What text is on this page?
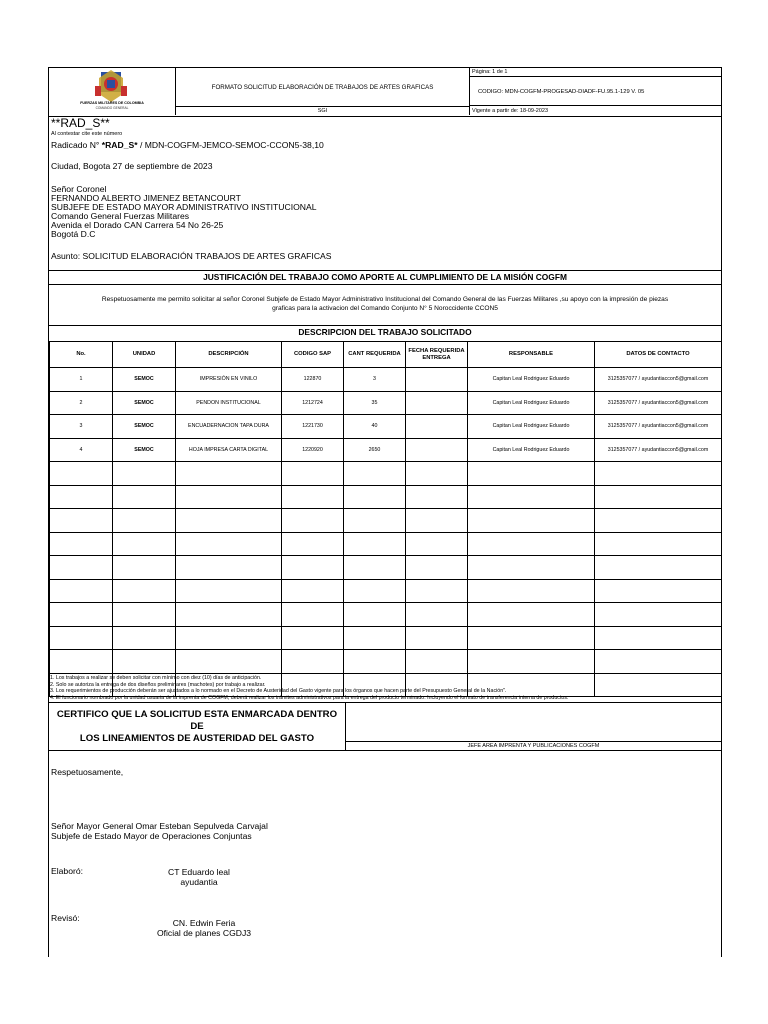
FUERZAS MILITARES DE COLOMBIA
COMANDO GENERAL
FORMATO SOLICITUD ELABORACIÓN DE TRABAJOS DE ARTES GRAFICAS
SGI
Página: 1 de 1
CODIGO: MDN-COGFM-PROGESAD-DIADF-FU.95.1-129 V. 05
Vigente a partir de: 18-09-2023
**RAD_S**
Al contestar cite este número
Radicado N° *RAD_S* / MDN-COGFM-JEMCO-SEMOC-CCON5-38,10
Ciudad, Bogota 27 de septiembre de 2023
Señor Coronel
FERNANDO ALBERTO JIMENEZ BETANCOURT
SUBJEFE DE ESTADO MAYOR ADMINISTRATIVO INSTITUCIONAL
Comando General Fuerzas Militares
Avenida el Dorado CAN Carrera 54 No 26-25
Bogotá D.C
Asunto: SOLICITUD ELABORACIÓN TRABAJOS DE ARTES GRAFICAS
JUSTIFICACIÓN DEL TRABAJO COMO APORTE AL CUMPLIMIENTO DE LA MISIÓN COGFM
Respetuosamente me permito solicitar al señor Coronel Subjefe de Estado Mayor Administrativo Institucional del Comando General de las Fuerzas Militares ,su apoyo con la impresión de piezas
graficas para la activacion del Comando Conjunto N° 5 Noroccidente CCON5
DESCRIPCION DEL TRABAJO SOLICITADO
No.	UNIDAD	DESCRIPCIÓN	CODIGO SAP	CANT REQUERIDA	FECHA REQUERIDA ENTREGA	RESPONSABLE	DATOS DE CONTACTO
1	SEMOC	IMPRESIÓN EN VINILO	122870	3		Capitan Leal Rodriguez Eduardo	3125357077 / ayudantiaccon5@gmail.com
2	SEMOC	PENDON INSTITUCIONAL	1212724	35		Capitan Leal Rodriguez Eduardo	3125357077 / ayudantiaccon5@gmail.com
3	SEMOC	ENCUADERNACION TAPA DURA	1221730	40		Capitan Leal Rodriguez Eduardo	3125357077 / ayudantiaccon5@gmail.com
4	SEMOC	HOJA IMPRESA CARTA DIGITAL	1220920	2650		Capitan Leal Rodriguez Eduardo	3125357077 / ayudantiaccon5@gmail.com

1. Los trabajos a realizar se deben solicitar con mínimo con diez (10) días de anticipación.
2. Solo se autoriza la entrega de dos diseños preliminares (machotes) por trabajo a realizar.
3. Los requerimientos de producción deberán ser ajustados a lo normado en el Decreto de Austeridad del Gasto vigente para los órganos que hacen parte del Presupuesto General de la Nación".
4. El funcionario nombrado por la unidad usuaria de la imprenta de COGFM, deberá realizar los trámites administrativos para la entrega del producto terminado. Incluyendo el formato de transferencia interna de productos.
CERTIFICO QUE LA SOLICITUD ESTA ENMARCADA DENTRO DE
LOS LINEAMIENTOS DE AUSTERIDAD DEL GASTO
JEFE AREA IMPRENTA Y PUBLICACIONES COGFM
Respetuosamente,
Señor Mayor General Omar Esteban Sepulveda Carvajal
Subjefe de Estado Mayor de Operaciones Conjuntas
Elaboró:	CT Eduardo leal
ayudantia
Revisó:	CN. Edwin Feria
Oficial de planes CGDJ3
